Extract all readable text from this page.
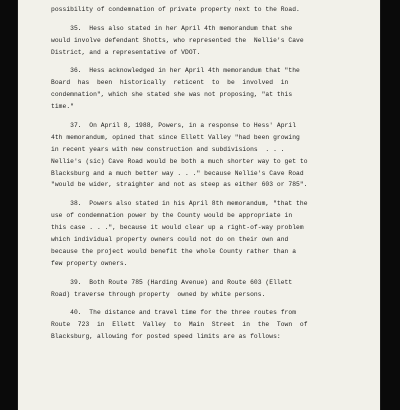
possibility of condemnation of private property next to the Road.
35.  Hess also stated in her April 4th memorandum that she
would involve defendant Shotts, who represented the  Nellie's Cave
District, and a representative of VDOT.
36.  Hess acknowledged in her April 4th memorandum that "the
Board  has  been  historically  reticent  to  be  involved  in
condemnation", which she stated she was not proposing, "at this
time."
37.  On April 8, 1988, Powers, in a response to Hess' April
4th memorandum, opined that since Ellett Valley "had been growing
in recent years with new construction and subdivisions  . . .
Nellie's (sic) Cave Road would be both a much shorter way to get to
Blacksburg and a much better way . . ." because Nellie's Cave Road
"would be wider, straighter and not as steep as either 603 or 785".
38.  Powers also stated in his April 8th memorandum, "that the
use of condemnation power by the County would be appropriate in
this case . . .", because it would clear up a right-of-way problem
which individual property owners could not do on their own and
because the project would benefit the whole County rather than a
few property owners.
39.  Both Route 785 (Harding Avenue) and Route 603 (Ellett
Road) traverse through property  owned by white persons.
40.  The distance and travel time for the three routes from
Route  723  in  Ellett  Valley  to  Main  Street  in  the  Town  of
Blacksburg, allowing for posted speed limits are as follows:
